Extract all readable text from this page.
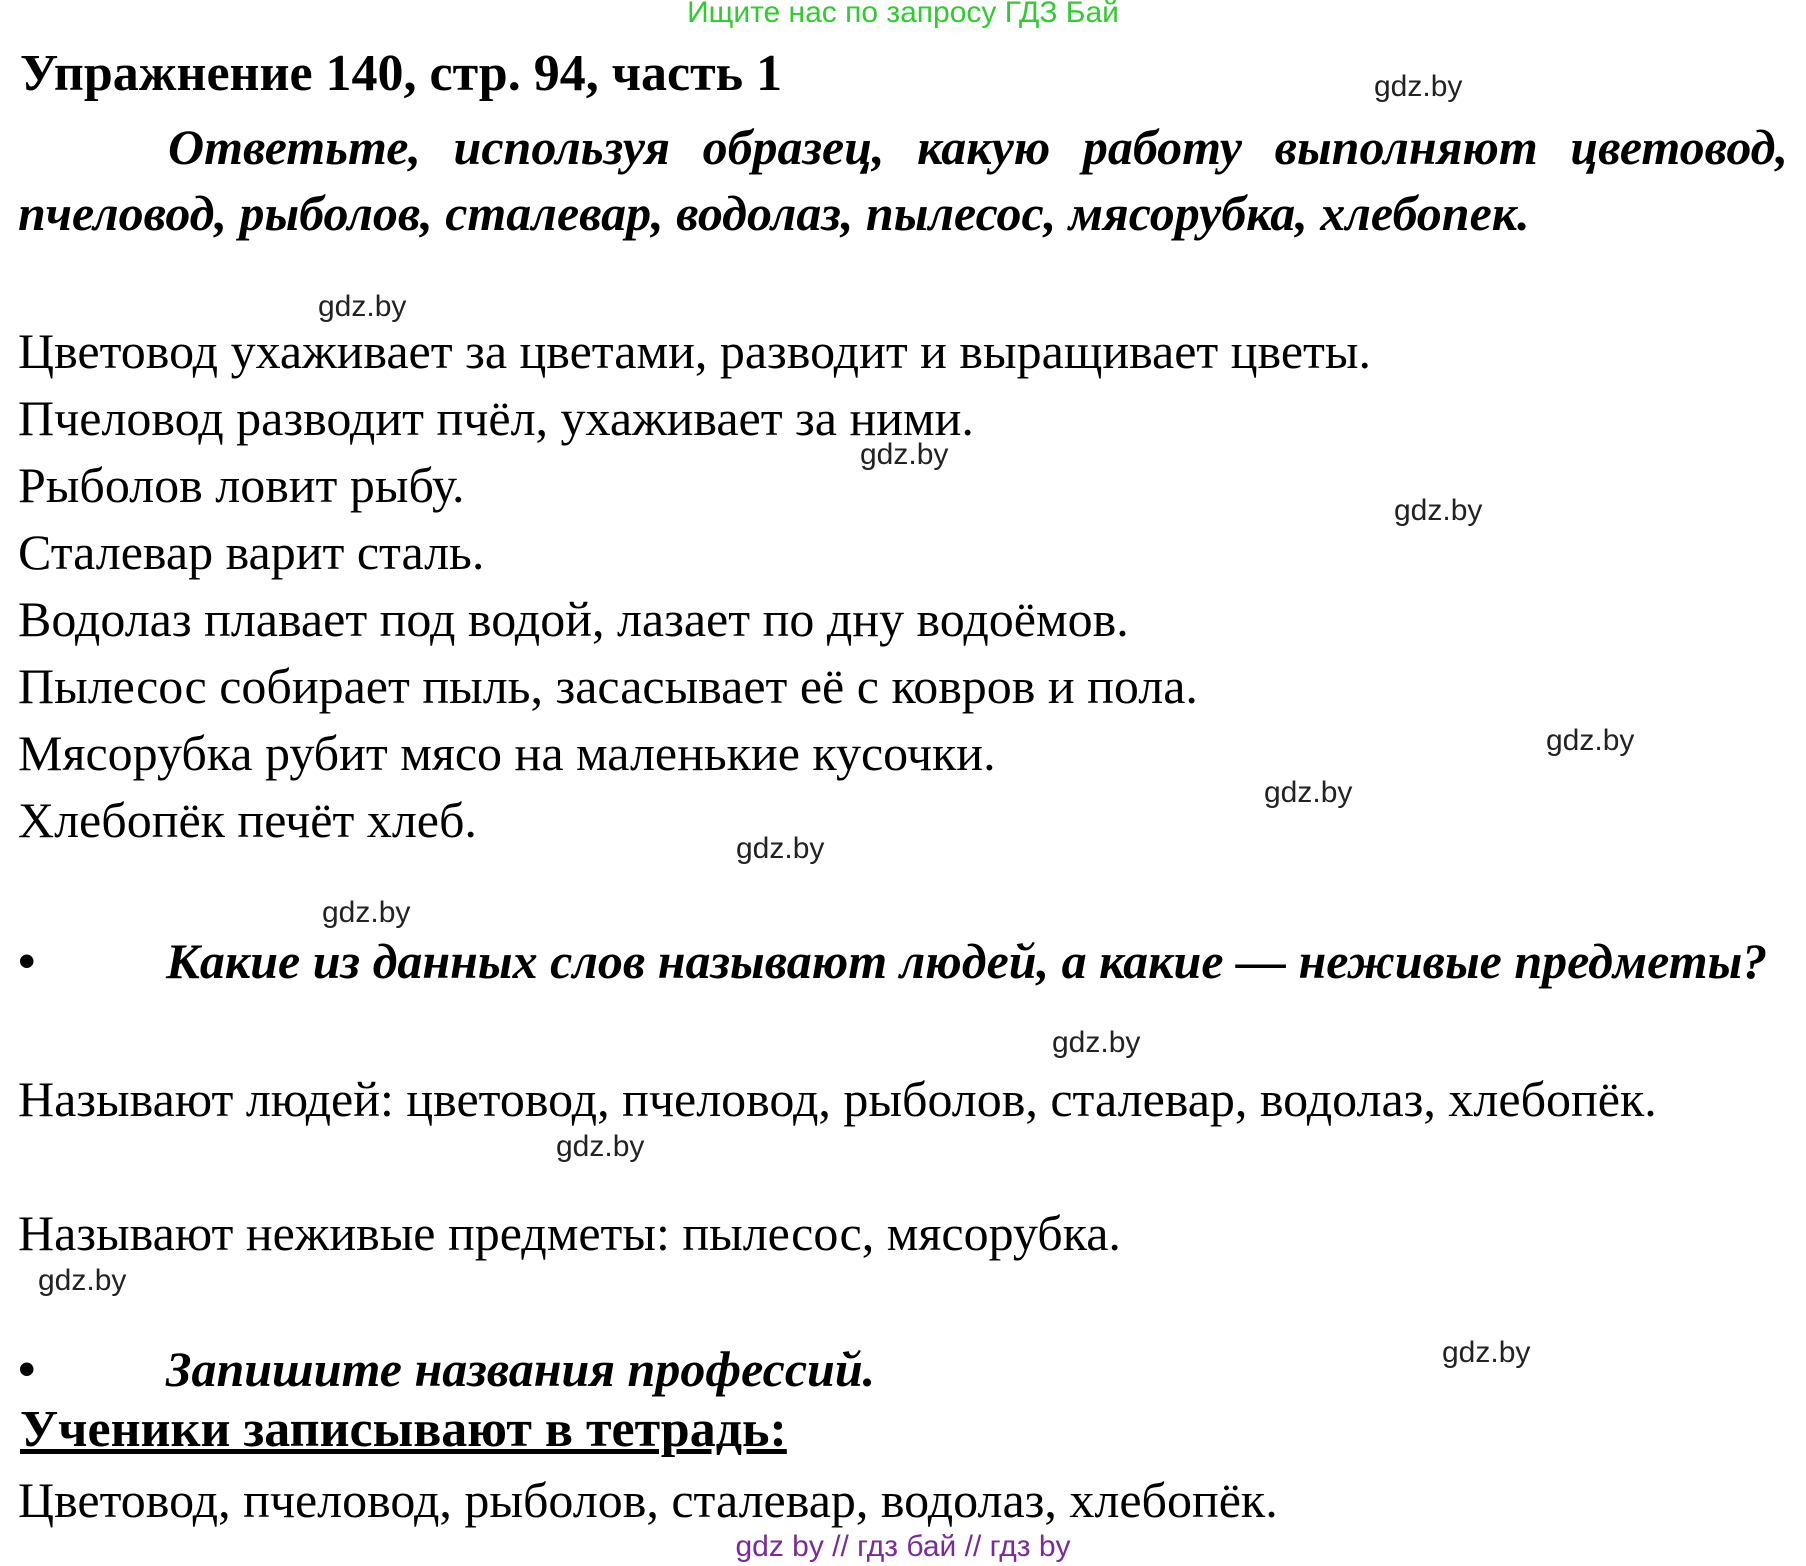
Ищите нас по запросу ГДЗ Бай
Упражнение 140, стр. 94, часть 1
Ответьте, используя образец, какую работу выполняют цветовод, пчеловод, рыболов, сталевар, водолаз, пылесос, мясорубка, хлебопек.
Цветовод ухаживает за цветами, разводит и выращивает цветы.
Пчеловод разводит пчёл, ухаживает за ними.
Рыболов ловит рыбу.
Сталевар варит сталь.
Водолаз плавает под водой, лазает по дну водоёмов.
Пылесос собирает пыль, засасывает её с ковров и пола.
Мясорубка рубит мясо на маленькие кусочки.
Хлебопёк печёт хлеб.
•	Какие из данных слов называют людей, а какие — неживые предметы?
Называют людей: цветовод, пчеловод, рыболов, сталевар, водолаз, хлебопёк.
Называют неживые предметы: пылесос, мясорубка.
•	Запишите названия профессий.
Ученики записывают в тетрадь:
Цветовод, пчеловод, рыболов, сталевар, водолаз, хлебопёк.
gdz.by
gdz.by
gdz.by
gdz.by
gdz.by
gdz.by
gdz.by
gdz.by
gdz.by
gdz.by
gdz.by
gdz.by
gdz by // гдз бай // гдз by
